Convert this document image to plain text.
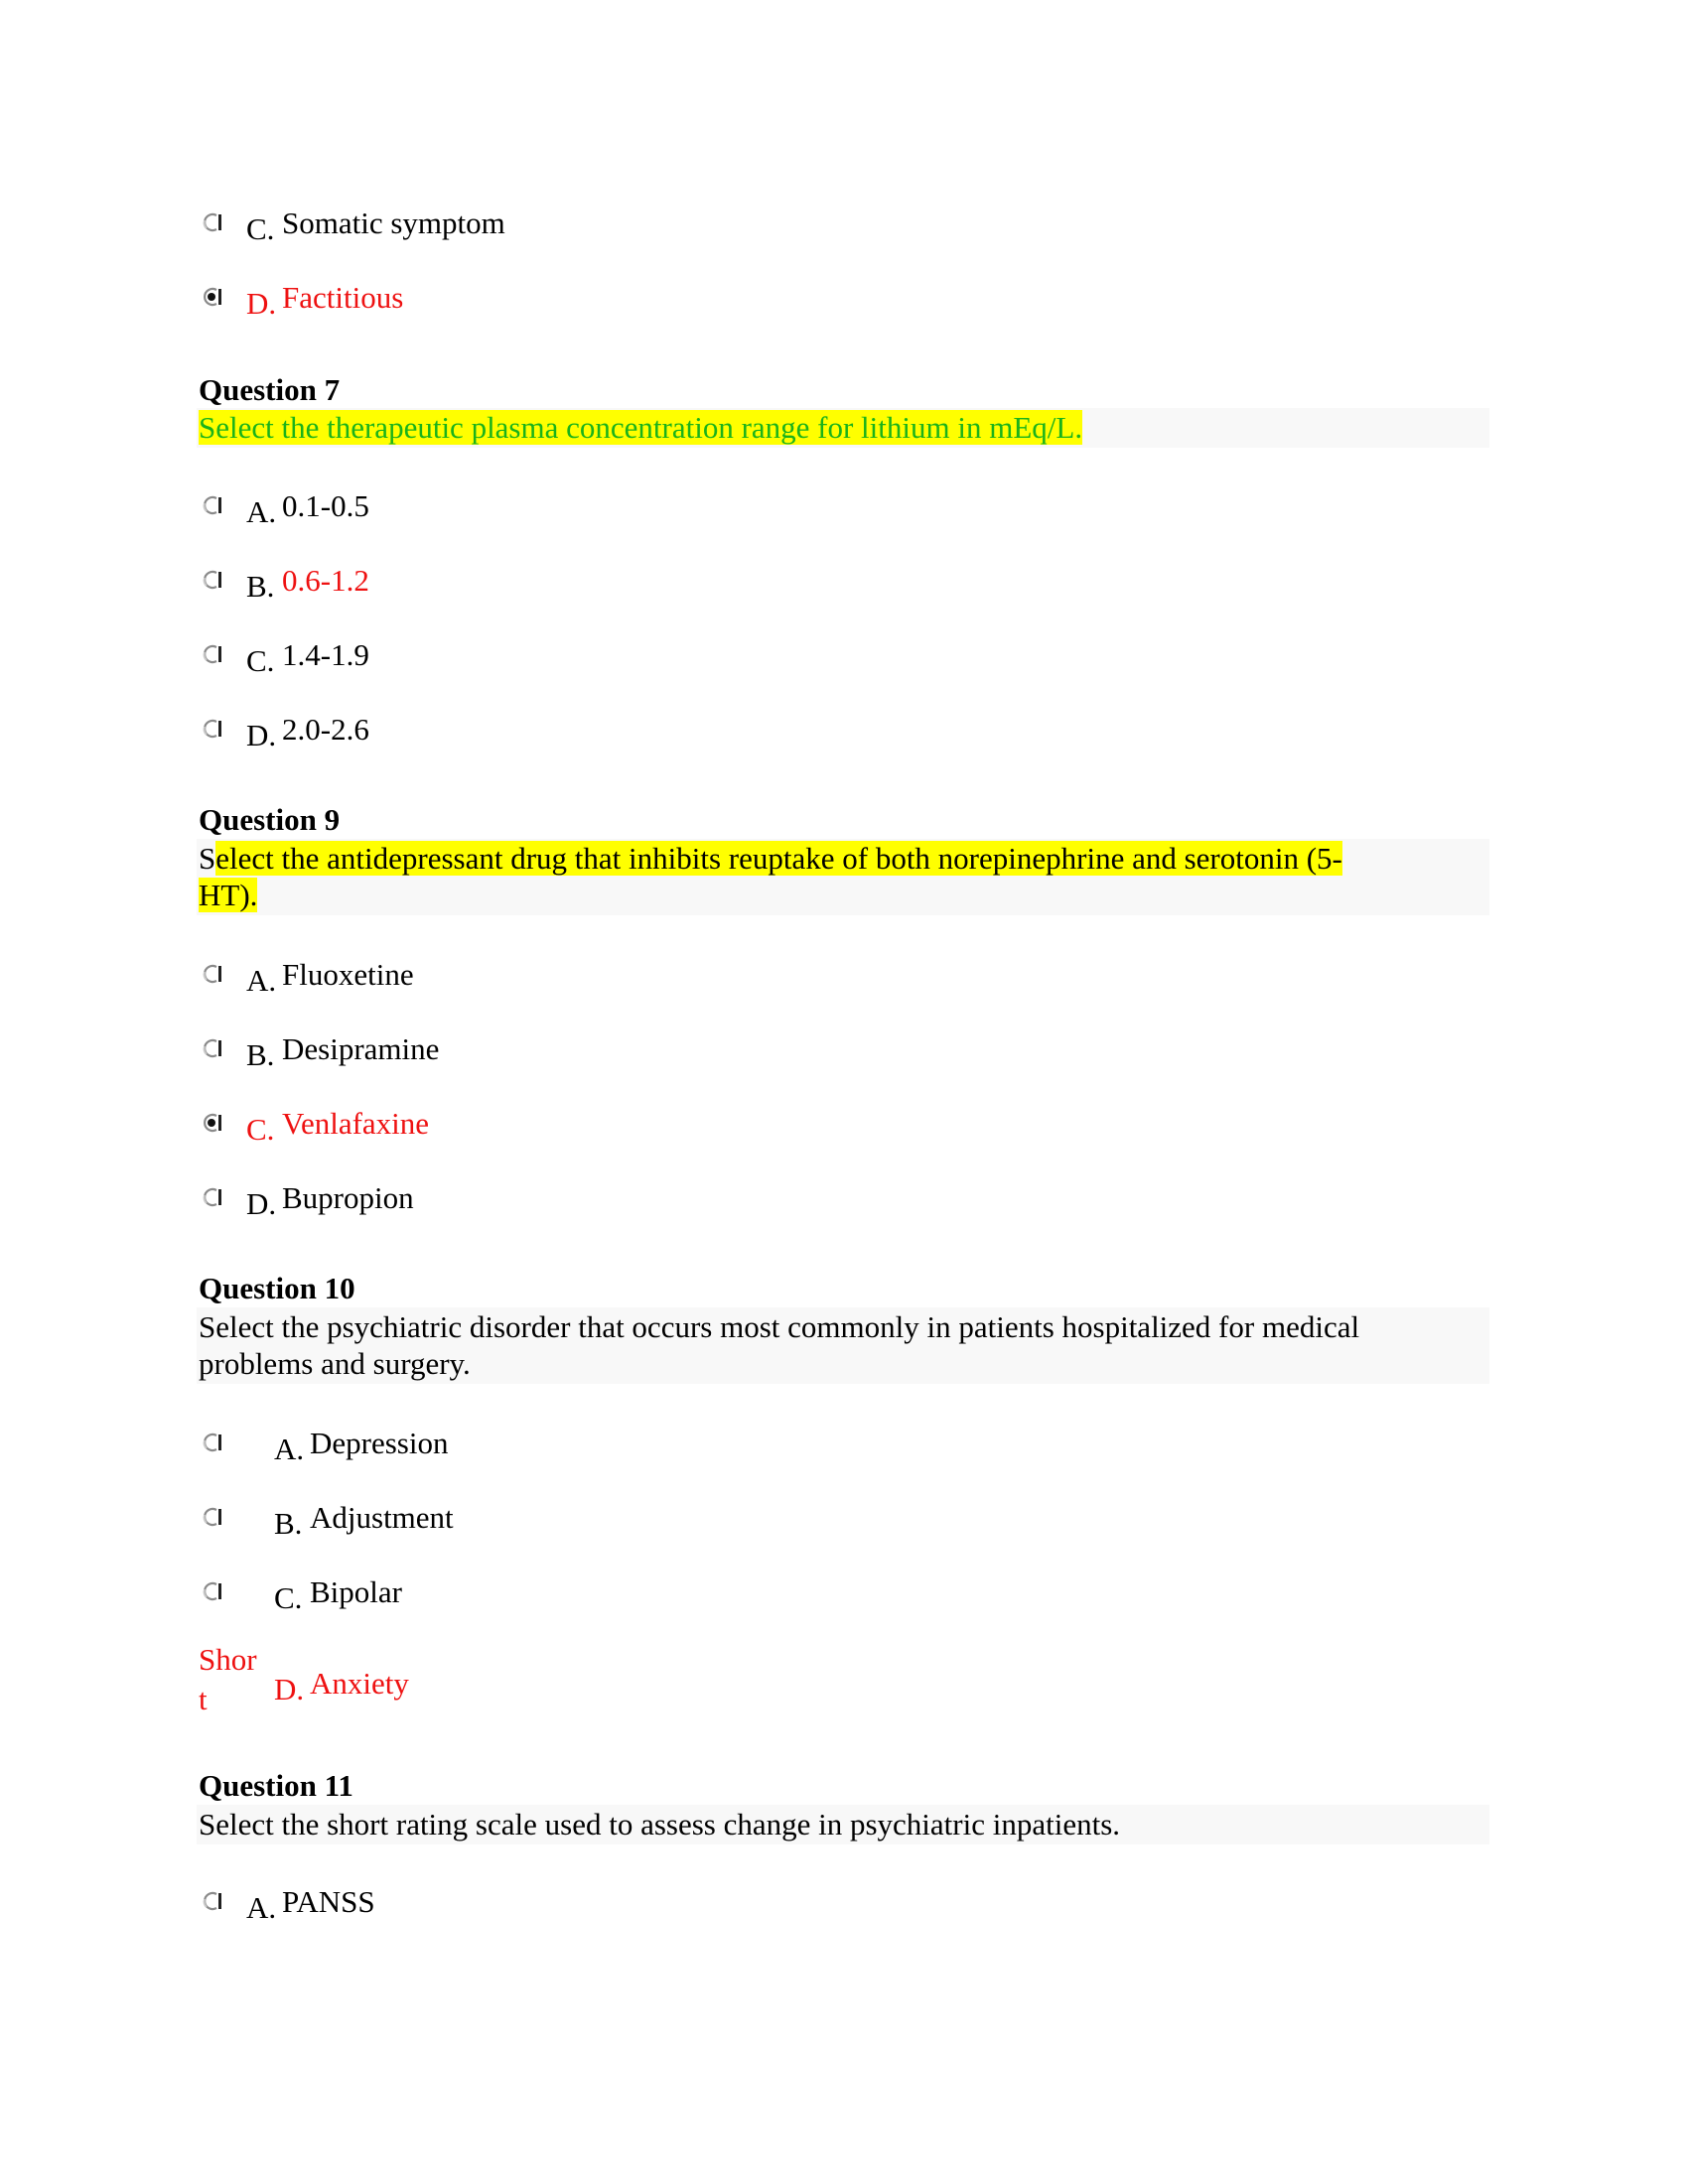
C. Somatic symptom
D. Factitious
Question 7
Select the therapeutic plasma concentration range for lithium in mEq/L.
A. 0.1-0.5
B. 0.6-1.2
C. 1.4-1.9
D. 2.0-2.6
Question 9
Select the antidepressant drug that inhibits reuptake of both norepinephrine and serotonin (5-
HT).
A. Fluoxetine
B. Desipramine
C. Venlafaxine
D. Bupropion
Question 10
Select the psychiatric disorder that occurs most commonly in patients hospitalized for medical
problems and surgery.
A. Depression
B. Adjustment
C. Bipolar
Shor
t	D. Anxiety
Question 11
Select the short rating scale used to assess change in psychiatric inpatients.
A. PANSS
